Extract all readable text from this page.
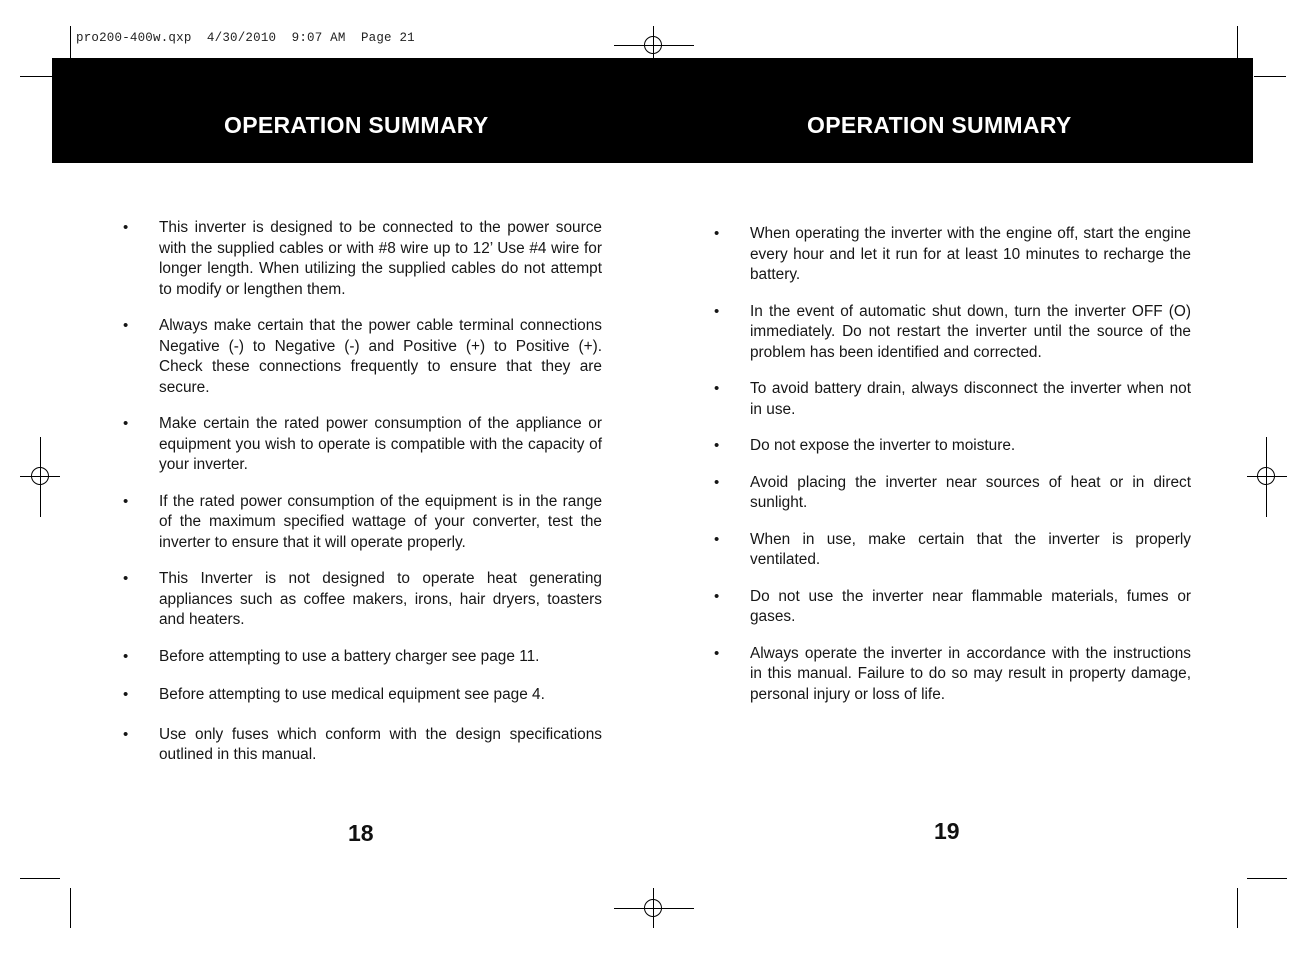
pro200-400w.qxp  4/30/2010  9:07 AM  Page 21
OPERATION SUMMARY	OPERATION SUMMARY
• This inverter is designed to be connected to the power source with the supplied cables or with #8 wire up to 12’ Use #4 wire for longer length. When utilizing the supplied cables do not attempt to modify or lengthen them.
• Always make certain that the power cable terminal connections Negative (-) to Negative (-) and Positive (+) to Positive (+). Check these connections frequently to ensure that they are secure.
• Make certain the rated power consumption of the appliance or equipment you wish to operate is compatible with the capacity of your inverter.
• If the rated power consumption of the equipment is in the range of the maximum specified wattage of your converter, test the inverter to ensure that it will operate properly.
• This Inverter is not designed to operate heat generating appliances such as coffee makers, irons, hair dryers, toasters and heaters.
• Before attempting to use a battery charger see page 11.
• Before attempting to use medical equipment see page 4.
• Use only fuses which conform with the design specifications outlined in this manual.
• When operating the inverter with the engine off, start the engine every hour and let it run for at least 10 minutes to recharge the battery.
• In the event of automatic shut down, turn the inverter OFF (O) immediately. Do not restart the inverter until the source of the problem has been identified and corrected.
• To avoid battery drain, always disconnect the inverter when not in use.
• Do not expose the inverter to moisture.
• Avoid placing the inverter near sources of heat or in direct sunlight.
• When in use, make certain that the inverter is properly ventilated.
• Do not use the inverter near flammable materials, fumes or gases.
• Always operate the inverter in accordance with the instructions in this manual. Failure to do so may result in property damage, personal injury or loss of life.
18	19
